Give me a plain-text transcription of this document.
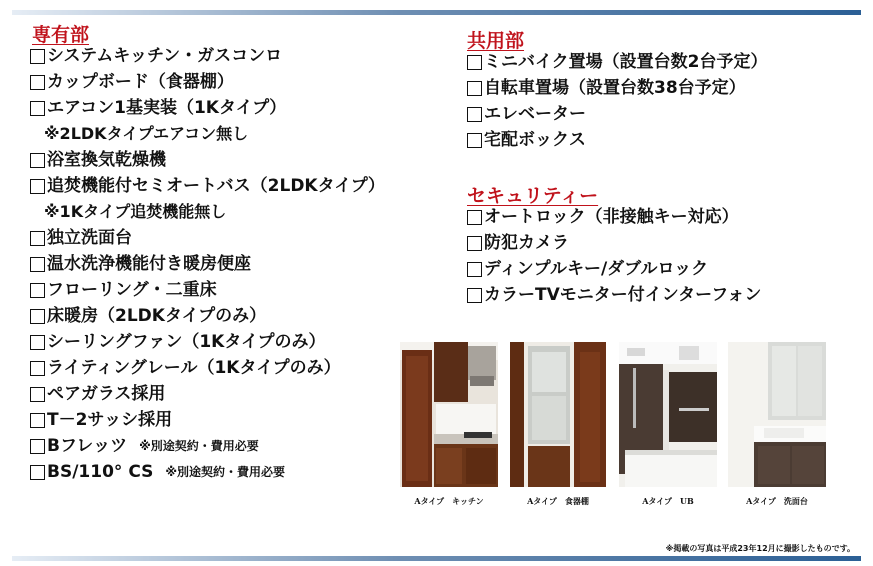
専有部
システムキッチン・ガスコンロ
カップボード（食器棚）
エアコン1基実装（1Kタイプ）
※2LDKタイプエアコン無し
浴室換気乾燥機
追焚機能付セミオートバス（2LDKタイプ）
※1Kタイプ追焚機能無し
独立洗面台
温水洗浄機能付き暖房便座
フローリング・二重床
床暖房（2LDKタイプのみ）
シーリングファン（1Kタイプのみ）
ライティングレール（1Kタイプのみ）
ペアガラス採用
T－2サッシ採用
Bフレッツ ※別途契約・費用必要
BS/110° CS ※別途契約・費用必要
共用部
ミニバイク置場（設置台数2台予定）
自転車置場（設置台数38台予定）
エレベーター
宅配ボックス
セキュリティー
オートロック（非接触キー対応）
防犯カメラ
ディンプルキー/ダブルロック
カラーTVモニター付インターフォン
Aタイプ　キッチン	Aタイプ　食器棚	Aタイプ　UB	Aタイプ　洗面台
※掲載の写真は平成23年12月に撮影したものです。
